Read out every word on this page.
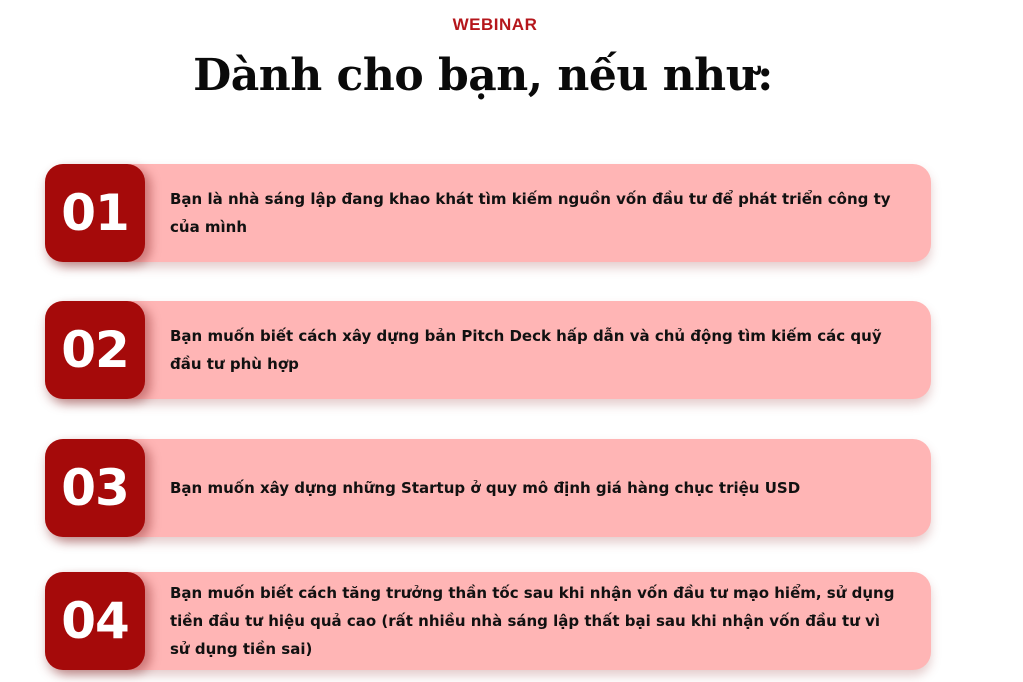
WEBINAR
Dành cho bạn, nếu như:
01	Bạn là nhà sáng lập đang khao khát tìm kiếm nguồn vốn đầu tư để phát triển công ty của mình
02	Bạn muốn biết cách xây dựng bản Pitch Deck hấp dẫn và chủ động tìm kiếm các quỹ đầu tư phù hợp
03	Bạn muốn xây dựng những Startup ở quy mô định giá hàng chục triệu USD
04	Bạn muốn biết cách tăng trưởng thần tốc sau khi nhận vốn đầu tư mạo hiểm, sử dụng tiền đầu tư hiệu quả cao (rất nhiều nhà sáng lập thất bại sau khi nhận vốn đầu tư vì sử dụng tiền sai)
